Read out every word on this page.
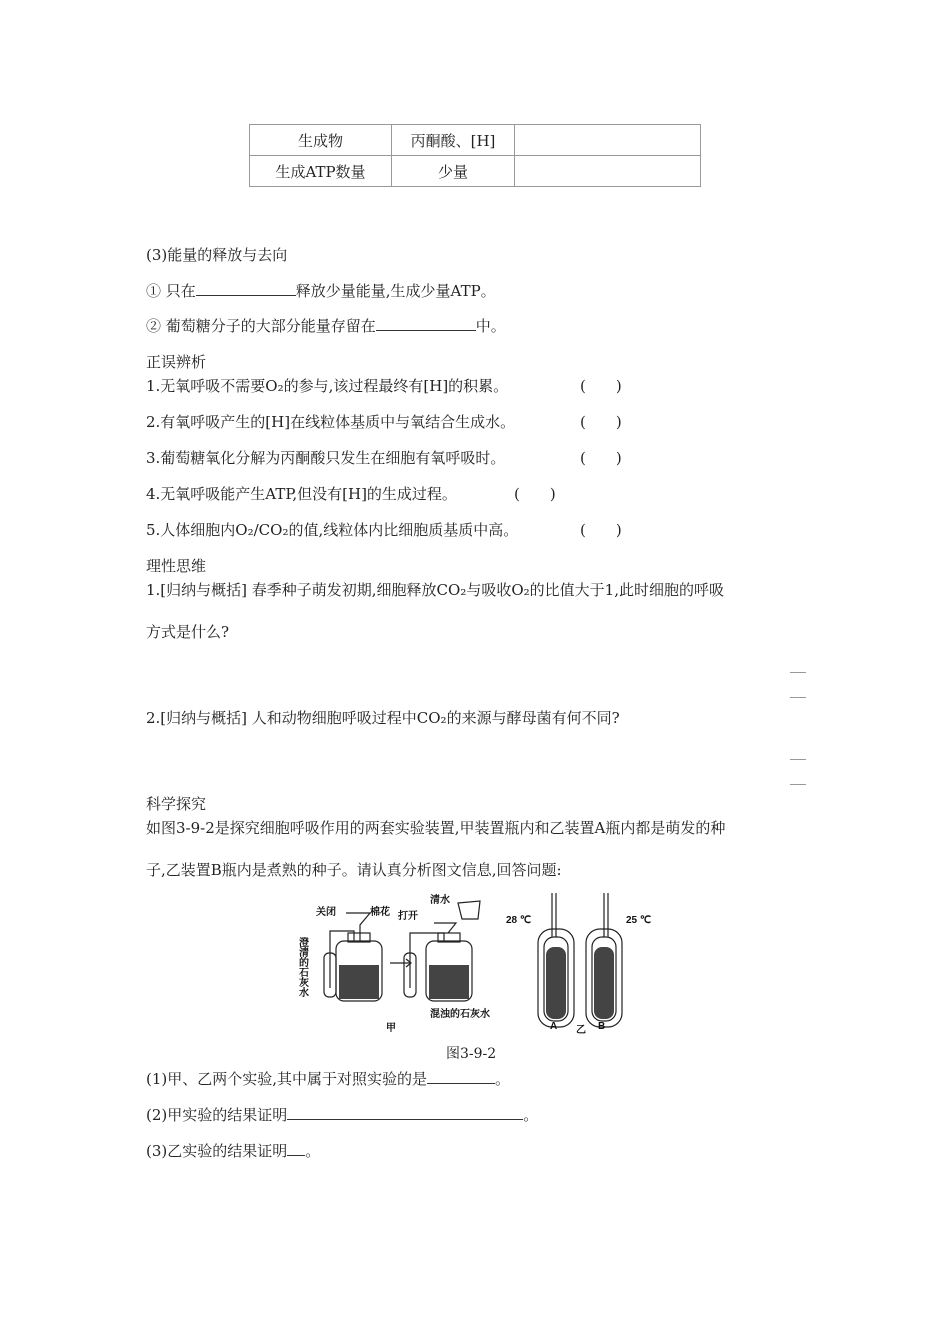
生成物	丙酮酸、[H]	
生成ATP数量	少量	
(3)能量的释放与去向
① 只在	释放少量能量,生成少量ATP。
② 葡萄糖分子的大部分能量存留在	中。
正误辨析
1.无氧呼吸不需要O₂的参与,该过程最终有[H]的积累。	(　　)
2.有氧呼吸产生的[H]在线粒体基质中与氧结合生成水。	(　　)
3.葡萄糖氧化分解为丙酮酸只发生在细胞有氧呼吸时。	(　　)
4.无氧呼吸能产生ATP,但没有[H]的生成过程。	(　　)
5.人体细胞内O₂/CO₂的值,线粒体内比细胞质基质中高。	(　　)
理性思维
1.[归纳与概括] 春季种子萌发初期,细胞释放CO₂与吸收O₂的比值大于1,此时细胞的呼吸
方式是什么?
2.[归纳与概括] 人和动物细胞呼吸过程中CO₂的来源与酵母菌有何不同?
科学探究
如图3-9-2是探究细胞呼吸作用的两套实验装置,甲装置瓶内和乙装置A瓶内都是萌发的种
子,乙装置B瓶内是煮熟的种子。请认真分析图文信息,回答问题:
关闭	棉花 打开
清水
混浊的石灰水
甲
28 ℃	25 ℃
A	B
乙
澄清的石灰水
图3-9-2
(1)甲、乙两个实验,其中属于对照实验的是	。
(2)甲实验的结果证明	。
(3)乙实验的结果证明 。
